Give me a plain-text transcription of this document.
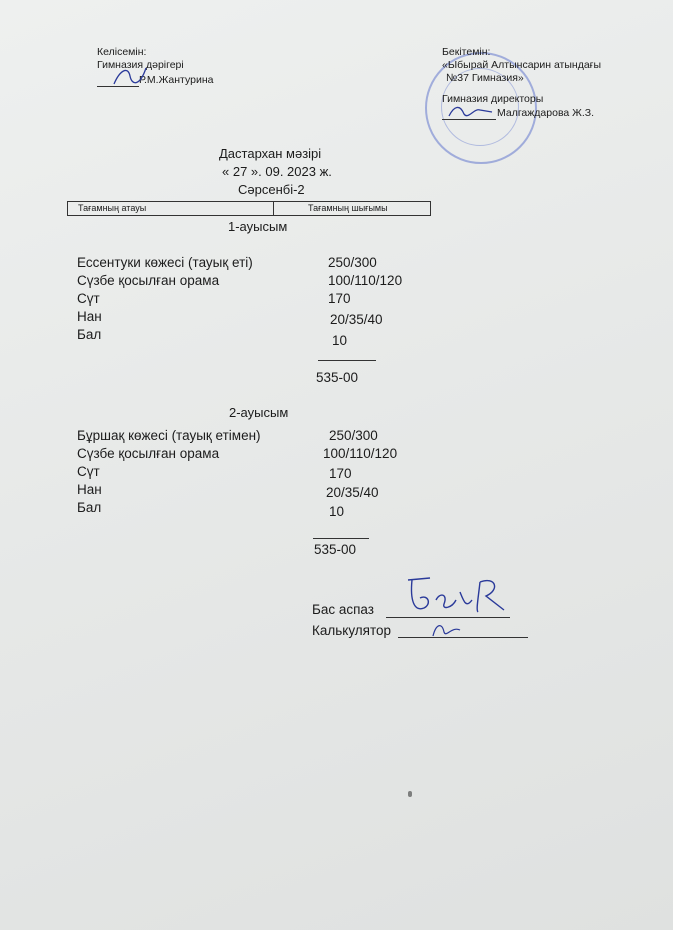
Келісемін:
Гимназия дәрігері
Р.М.Жантурина
Бекітемін:
«Ыбырай Алтынсарин атындағы
№37 Гимназия»
Гимназия директоры
Малгаждарова Ж.З.
Дастархан мәзірі
« 27 ». 09. 2023 ж.
Сәрсенбі-2
Тағамның атауы	Тағамның шығымы
1-ауысым
Ессентуки көжесі (тауық еті)	250/300
Сүзбе қосылған орама	100/110/120
Сүт	170
Нан	20/35/40
Бал	10
535-00
2-ауысым
Бұршақ көжесі (тауық етімен)	250/300
Сүзбе қосылған орама	100/110/120
Сүт	170
Нан	20/35/40
Бал	10
535-00
Бас аспаз
Калькулятор
